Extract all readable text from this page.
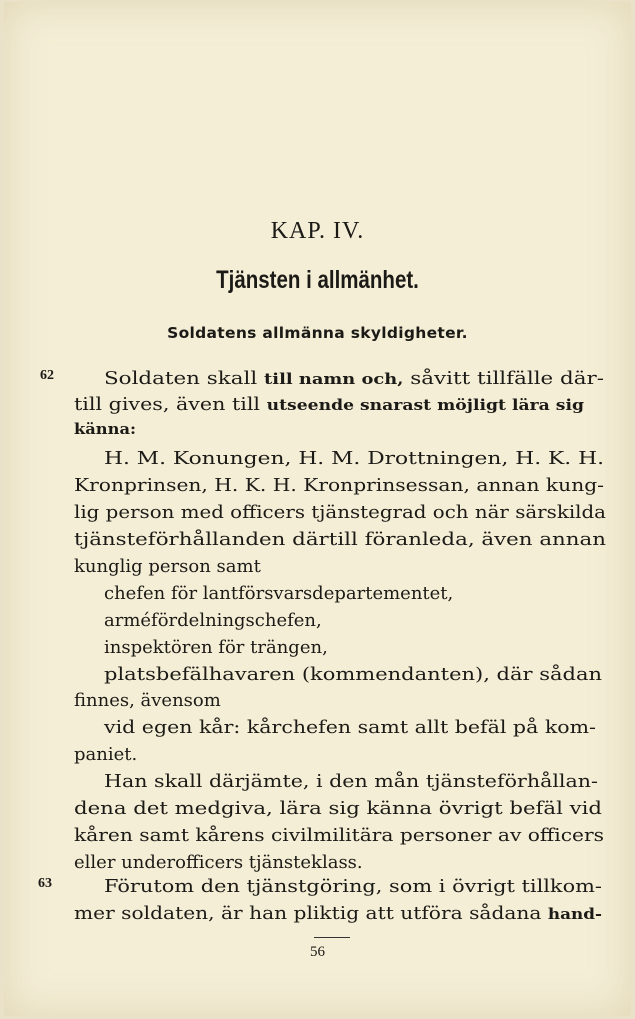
KAP. IV.
Tjänsten i allmänhet.
Soldatens allmänna skyldigheter.
62
63
Soldaten skall till namn och, såvitt tillfälle där-
till gives, även till utseende snarast möjligt lära sig
känna:
H. M. Konungen, H. M. Drottningen, H. K. H.
Kronprinsen, H. K. H. Kronprinsessan, annan kung-
lig person med officers tjänstegrad och när särskilda
tjänsteförhållanden därtill föranleda, även annan
kunglig person samt
chefen för lantförsvarsdepartementet,
arméfördelningschefen,
inspektören för trängen,
platsbefälhavaren (kommendanten), där sådan
finnes, ävensom
vid egen kår: kårchefen samt allt befäl på kom-
paniet.
Han skall därjämte, i den mån tjänsteförhållan-
dena det medgiva, lära sig känna övrigt befäl vid
kåren samt kårens civilmilitära personer av officers
eller underofficers tjänsteklass.
Förutom den tjänstgöring, som i övrigt tillkom-
mer soldaten, är han pliktig att utföra sådana hand-
56
